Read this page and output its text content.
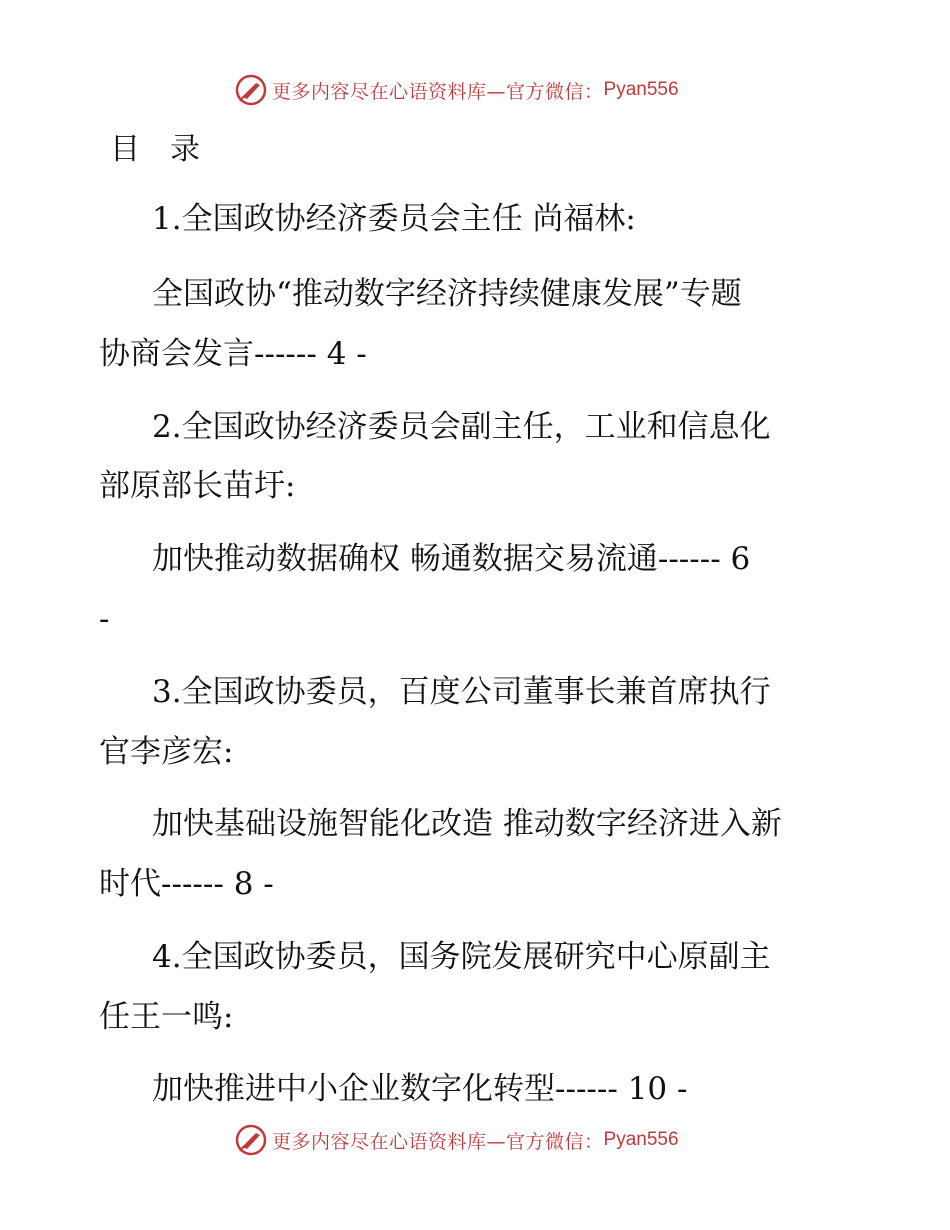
更多内容尽在心语资料库—官方微信： Pyan556
目录
1.全国政协经济委员会主任 尚福林:
全国政协“推动数字经济持续健康发展”专题
协商会发言------ 4 -
2.全国政协经济委员会副主任，工业和信息化
部原部长苗圩:
加快推动数据确权 畅通数据交易流通------ 6
-
3.全国政协委员，百度公司董事长兼首席执行
官李彦宏:
加快基础设施智能化改造 推动数字经济进入新
时代------ 8 -
4.全国政协委员，国务院发展研究中心原副主
任王一鸣:
加快推进中小企业数字化转型------ 10 -
更多内容尽在心语资料库—官方微信： Pyan556
